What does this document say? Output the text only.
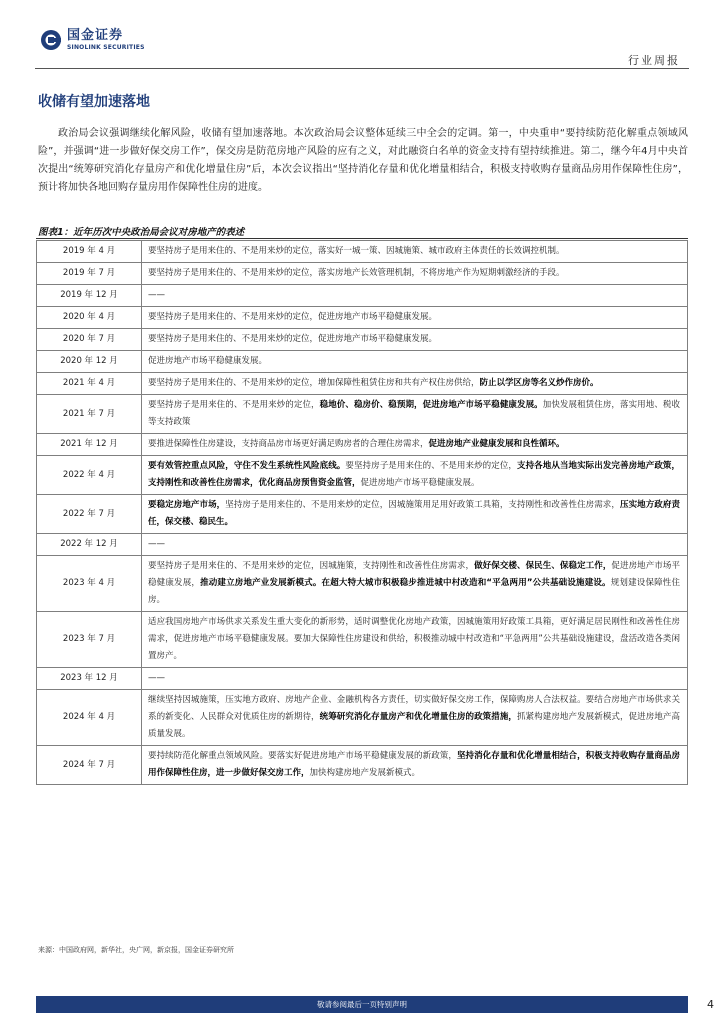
国金证券
SINOLINK SECURITIES
行业周报
收储有望加速落地

政治局会议强调继续化解风险，收储有望加速落地。本次政治局会议整体延续三中全会的定调。第一，中央重申“要持续防范化解重点领域风险”，并强调“进一步做好保交房工作”，保交房是防范房地产风险的应有之义，对此融资白名单的资金支持有望持续推进。第二，继今年4月中央首次提出“统筹研究消化存量房产和优化增量住房”后，本次会议指出“坚持消化存量和优化增量相结合，积极支持收购存量商品房用作保障性住房”，预计将加快各地回购存量房用作保障性住房的进度。

图表1：近年历次中央政治局会议对房地产的表述
2019 年 4 月	要坚持房子是用来住的、不是用来炒的定位，落实好一城一策、因城施策、城市政府主体责任的长效调控机制。
2019 年 7 月	要坚持房子是用来住的、不是用来炒的定位，落实房地产长效管理机制，不将房地产作为短期刺激经济的手段。
2019 年 12 月	——
2020 年 4 月	要坚持房子是用来住的、不是用来炒的定位，促进房地产市场平稳健康发展。
2020 年 7 月	要坚持房子是用来住的、不是用来炒的定位，促进房地产市场平稳健康发展。
2020 年 12 月	促进房地产市场平稳健康发展。
2021 年 4 月	要坚持房子是用来住的、不是用来炒的定位，增加保障性租赁住房和共有产权住房供给，防止以学区房等名义炒作房价。
2021 年 7 月	要坚持房子是用来住的、不是用来炒的定位，稳地价、稳房价、稳预期，促进房地产市场平稳健康发展。加快发展租赁住房，落实用地、税收等支持政策
2021 年 12 月	要推进保障性住房建设，支持商品房市场更好满足购房者的合理住房需求，促进房地产业健康发展和良性循环。
2022 年 4 月	要有效管控重点风险，守住不发生系统性风险底线。要坚持房子是用来住的、不是用来炒的定位，支持各地从当地实际出发完善房地产政策，支持刚性和改善性住房需求，优化商品房预售资金监管，促进房地产市场平稳健康发展。
2022 年 7 月	要稳定房地产市场，坚持房子是用来住的、不是用来炒的定位，因城施策用足用好政策工具箱，支持刚性和改善性住房需求，压实地方政府责任，保交楼、稳民生。
2022 年 12 月	——
2023 年 4 月	要坚持房子是用来住的、不是用来炒的定位，因城施策，支持刚性和改善性住房需求，做好保交楼、保民生、保稳定工作，促进房地产市场平稳健康发展，推动建立房地产业发展新模式。在超大特大城市积极稳步推进城中村改造和“平急两用”公共基础设施建设。规划建设保障性住房。
2023 年 7 月	适应我国房地产市场供求关系发生重大变化的新形势，适时调整优化房地产政策，因城施策用好政策工具箱，更好满足居民刚性和改善性住房需求，促进房地产市场平稳健康发展。要加大保障性住房建设和供给，积极推动城中村改造和“平急两用”公共基础设施建设，盘活改造各类闲置房产。
2023 年 12 月	——
2024 年 4 月	继续坚持因城施策，压实地方政府、房地产企业、金融机构各方责任，切实做好保交房工作，保障购房人合法权益。要结合房地产市场供求关系的新变化、人民群众对优质住房的新期待，统筹研究消化存量房产和优化增量住房的政策措施，抓紧构建房地产发展新模式，促进房地产高质量发展。
2024 年 7 月	要持续防范化解重点领域风险。要落实好促进房地产市场平稳健康发展的新政策，坚持消化存量和优化增量相结合，积极支持收购存量商品房用作保障性住房，进一步做好保交房工作，加快构建房地产发展新模式。
来源：中国政府网，新华社，央广网，新京报，国金证券研究所
敬请参阅最后一页特别声明	4
